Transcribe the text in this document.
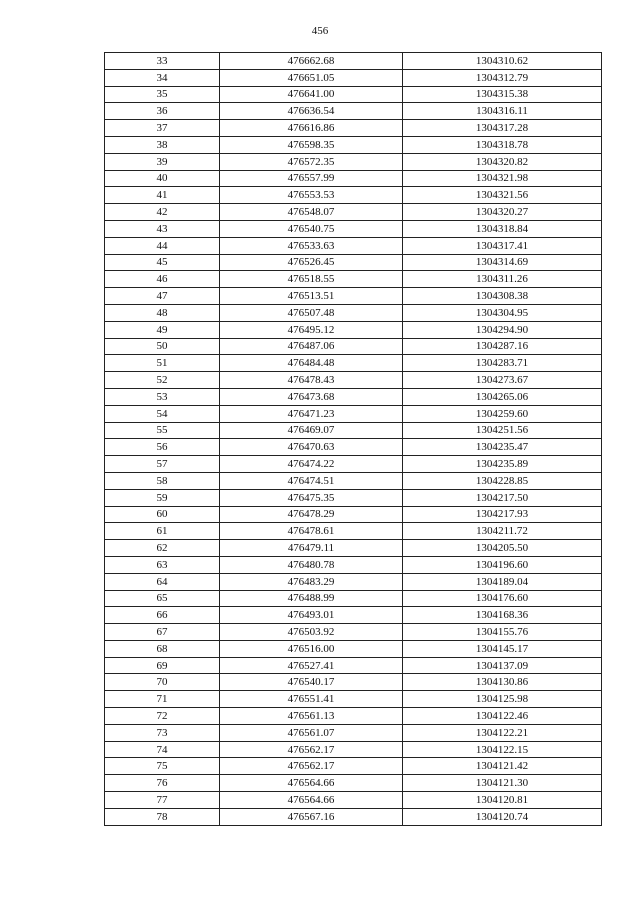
456
33	476662.68	1304310.62
34	476651.05	1304312.79
35	476641.00	1304315.38
36	476636.54	1304316.11
37	476616.86	1304317.28
38	476598.35	1304318.78
39	476572.35	1304320.82
40	476557.99	1304321.98
41	476553.53	1304321.56
42	476548.07	1304320.27
43	476540.75	1304318.84
44	476533.63	1304317.41
45	476526.45	1304314.69
46	476518.55	1304311.26
47	476513.51	1304308.38
48	476507.48	1304304.95
49	476495.12	1304294.90
50	476487.06	1304287.16
51	476484.48	1304283.71
52	476478.43	1304273.67
53	476473.68	1304265.06
54	476471.23	1304259.60
55	476469.07	1304251.56
56	476470.63	1304235.47
57	476474.22	1304235.89
58	476474.51	1304228.85
59	476475.35	1304217.50
60	476478.29	1304217.93
61	476478.61	1304211.72
62	476479.11	1304205.50
63	476480.78	1304196.60
64	476483.29	1304189.04
65	476488.99	1304176.60
66	476493.01	1304168.36
67	476503.92	1304155.76
68	476516.00	1304145.17
69	476527.41	1304137.09
70	476540.17	1304130.86
71	476551.41	1304125.98
72	476561.13	1304122.46
73	476561.07	1304122.21
74	476562.17	1304122.15
75	476562.17	1304121.42
76	476564.66	1304121.30
77	476564.66	1304120.81
78	476567.16	1304120.74
